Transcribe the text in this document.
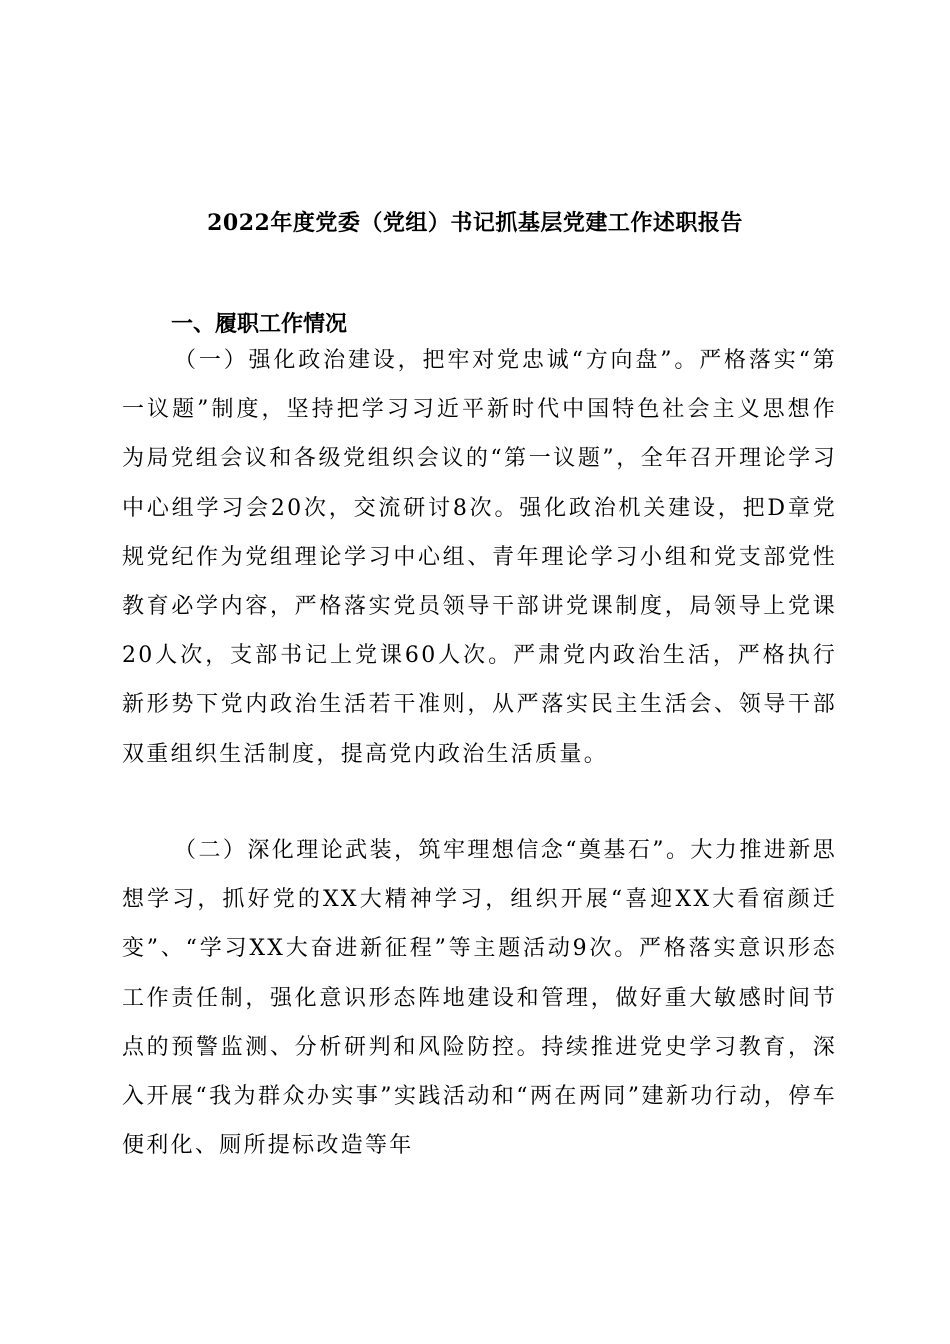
2022年度党委（党组）书记抓基层党建工作述职报告
一、履职工作情况

（一）强化政治建设，把牢对党忠诚“方向盘”。严格落实“第一议题”制度，坚持把学习习近平新时代中国特色社会主义思想作为局党组会议和各级党组织会议的“第一议题”，全年召开理论学习中心组学习会20次，交流研讨8次。强化政治机关建设，把D章党规党纪作为党组理论学习中心组、青年理论学习小组和党支部党性教育必学内容，严格落实党员领导干部讲党课制度，局领导上党课20人次，支部书记上党课60人次。严肃党内政治生活，严格执行新形势下党内政治生活若干准则，从严落实民主生活会、领导干部双重组织生活制度，提高党内政治生活质量。

（二）深化理论武装，筑牢理想信念“奠基石”。大力推进新思想学习，抓好党的XX大精神学习，组织开展“喜迎XX大看宿颜迁变”、“学习XX大奋进新征程”等主题活动9次。严格落实意识形态工作责任制，强化意识形态阵地建设和管理，做好重大敏感时间节点的预警监测、分析研判和风险防控。持续推进党史学习教育，深入开展“我为群众办实事”实践活动和“两在两同”建新功行动，停车便利化、厕所提标改造等年
